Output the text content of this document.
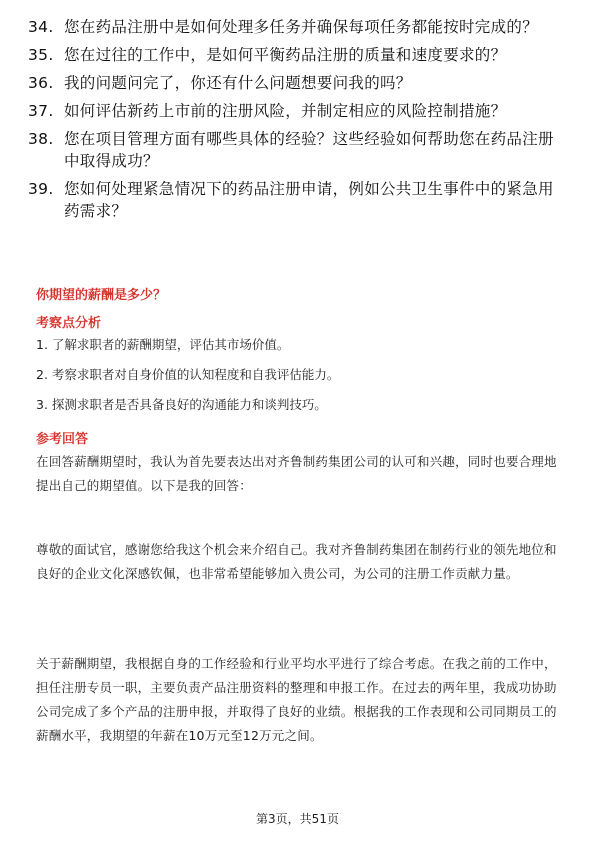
34. 您在药品注册中是如何处理多任务并确保每项任务都能按时完成的？
35. 您在过往的工作中，是如何平衡药品注册的质量和速度要求的？
36. 我的问题问完了，你还有什么问题想要问我的吗？
37. 如何评估新药上市前的注册风险，并制定相应的风险控制措施？
38. 您在项目管理方面有哪些具体的经验？这些经验如何帮助您在药品注册中取得成功？
39. 您如何处理紧急情况下的药品注册申请，例如公共卫生事件中的紧急用药需求？
你期望的薪酬是多少？
考察点分析
1. 了解求职者的薪酬期望，评估其市场价值。
2. 考察求职者对自身价值的认知程度和自我评估能力。
3. 探测求职者是否具备良好的沟通能力和谈判技巧。
参考回答
在回答薪酬期望时，我认为首先要表达出对齐鲁制药集团公司的认可和兴趣，同时也要合理地提出自己的期望值。以下是我的回答：
尊敬的面试官，感谢您给我这个机会来介绍自己。我对齐鲁制药集团在制药行业的领先地位和良好的企业文化深感钦佩，也非常希望能够加入贵公司，为公司的注册工作贡献力量。
关于薪酬期望，我根据自身的工作经验和行业平均水平进行了综合考虑。在我之前的工作中，担任注册专员一职，主要负责产品注册资料的整理和申报工作。在过去的两年里，我成功协助公司完成了多个产品的注册申报，并取得了良好的业绩。根据我的工作表现和公司同期员工的薪酬水平，我期望的年薪在10万元至12万元之间。
第3页，共51页
